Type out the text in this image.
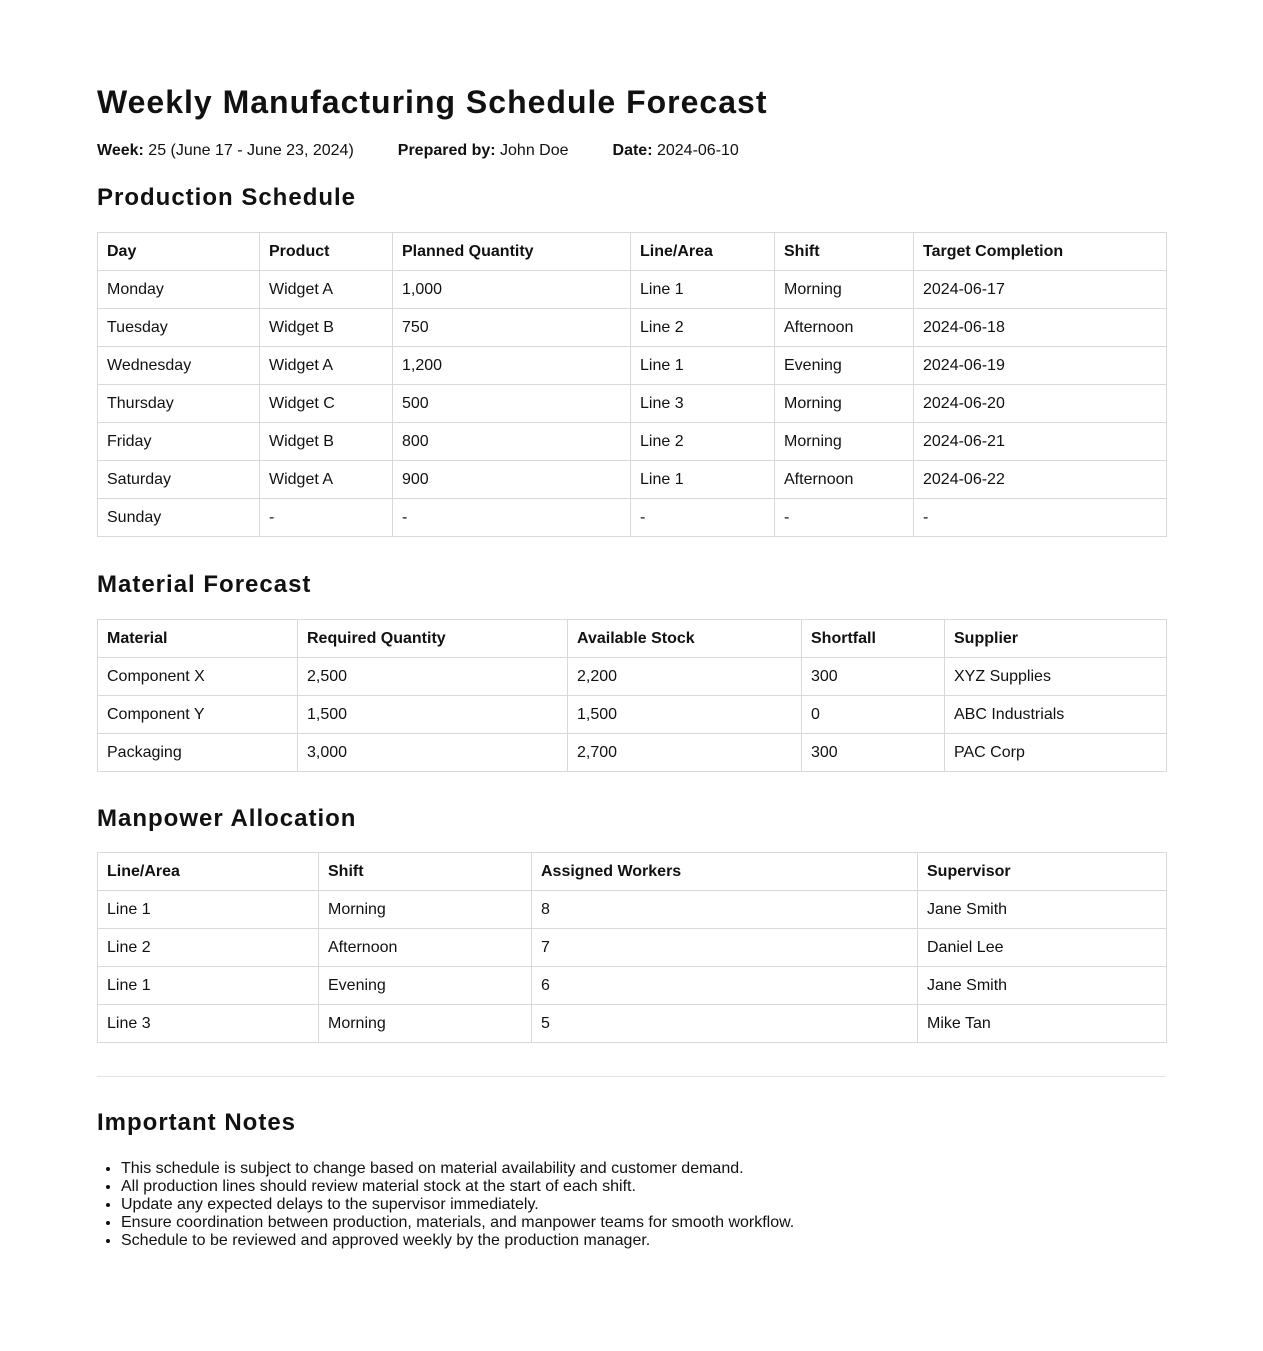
Weekly Manufacturing Schedule Forecast
Week: 25 (June 17 - June 23, 2024)	Prepared by: John Doe	Date: 2024-06-10
Production Schedule
Day	Product	Planned Quantity	Line/Area	Shift	Target Completion
Monday	Widget A	1,000	Line 1	Morning	2024-06-17
Tuesday	Widget B	750	Line 2	Afternoon	2024-06-18
Wednesday	Widget A	1,200	Line 1	Evening	2024-06-19
Thursday	Widget C	500	Line 3	Morning	2024-06-20
Friday	Widget B	800	Line 2	Morning	2024-06-21
Saturday	Widget A	900	Line 1	Afternoon	2024-06-22
Sunday	-	-	-	-	-
Material Forecast
Material	Required Quantity	Available Stock	Shortfall	Supplier
Component X	2,500	2,200	300	XYZ Supplies
Component Y	1,500	1,500	0	ABC Industrials
Packaging	3,000	2,700	300	PAC Corp
Manpower Allocation
Line/Area	Shift	Assigned Workers	Supervisor
Line 1	Morning	8	Jane Smith
Line 2	Afternoon	7	Daniel Lee
Line 1	Evening	6	Jane Smith
Line 3	Morning	5	Mike Tan
Important Notes
• This schedule is subject to change based on material availability and customer demand.
• All production lines should review material stock at the start of each shift.
• Update any expected delays to the supervisor immediately.
• Ensure coordination between production, materials, and manpower teams for smooth workflow.
• Schedule to be reviewed and approved weekly by the production manager.
